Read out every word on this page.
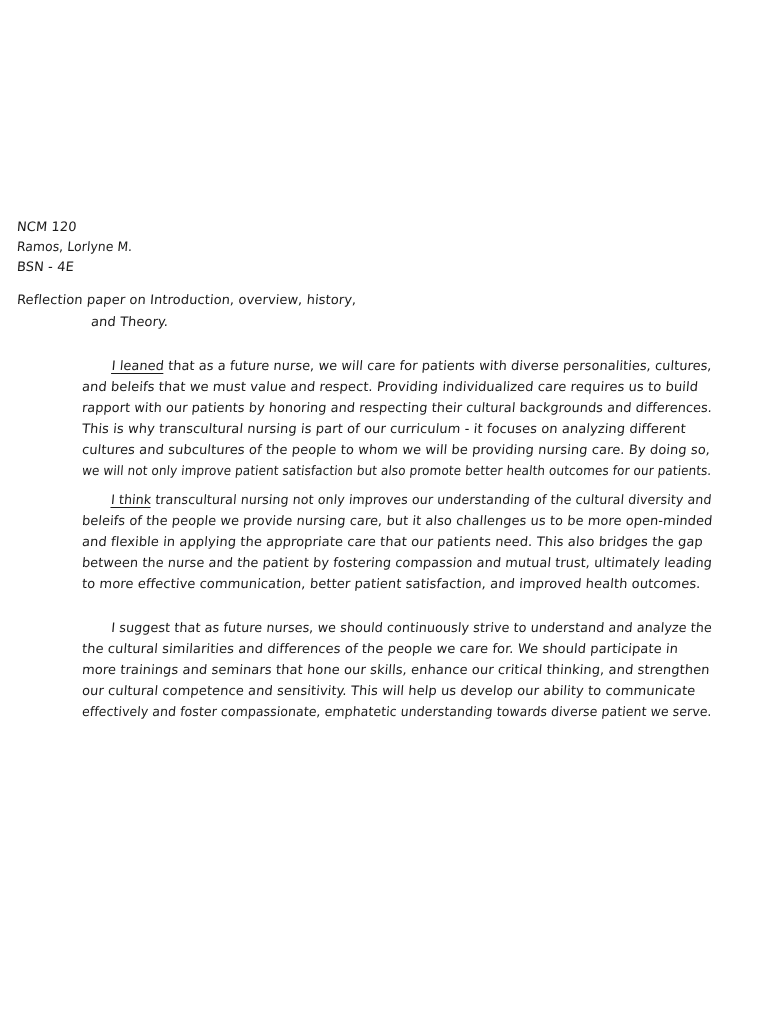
NCM 120
Ramos, Lorlyne M.
BSN - 4E
Reflection paper on Introduction, overview, history,
and Theory.
I leaned that as a future nurse, we will care for patients with diverse personalities, cultures,
and beleifs that we must value and respect. Providing individualized care requires us to build
rapport with our patients by honoring and respecting their cultural backgrounds and differences.
This is why transcultural nursing is part of our curriculum - it focuses on analyzing different
cultures and subcultures of the people to whom we will be providing nursing care. By doing so,
we will not only improve patient satisfaction but also promote better health outcomes for our patients.
I think transcultural nursing not only improves our understanding of the cultural diversity and
beleifs of the people we provide nursing care, but it also challenges us to be more open-minded
and flexible in applying the appropriate care that our patients need. This also bridges the gap
between the nurse and the patient by fostering compassion and mutual trust, ultimately leading
to more effective communication, better patient satisfaction, and improved health outcomes.
I suggest that as future nurses, we should continuously strive to understand and analyze the
the cultural similarities and differences of the people we care for. We should participate in
more trainings and seminars that hone our skills, enhance our critical thinking, and strengthen
our cultural competence and sensitivity. This will help us develop our ability to communicate
effectively and foster compassionate, emphatetic understanding towards diverse patient we serve.
